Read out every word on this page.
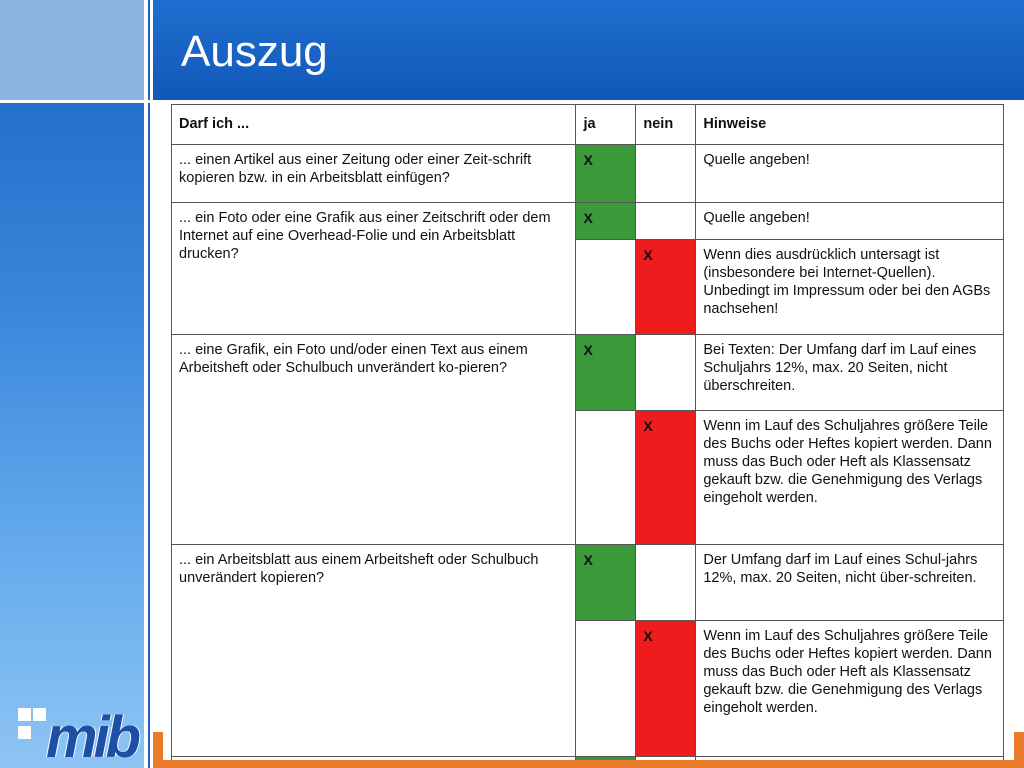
Auszug
Darf ich ...	ja	nein	Hinweise
... einen Artikel aus einer Zeitung oder einer Zeit-schrift kopieren bzw. in ein Arbeitsblatt einfügen?	X		Quelle angeben!
... ein Foto oder eine Grafik aus einer Zeitschrift oder dem Internet auf eine Overhead-Folie und ein Arbeitsblatt drucken?	X		Quelle angeben!
		X	Wenn dies ausdrücklich untersagt ist (insbesondere bei Internet-Quellen). Unbedingt im Impressum oder bei den AGBs nachsehen!
... eine Grafik, ein Foto und/oder einen Text aus einem Arbeitsheft oder Schulbuch unverändert ko-pieren?	X		Bei Texten: Der Umfang darf im Lauf eines Schuljahrs 12%, max. 20 Seiten, nicht überschreiten.
		X	Wenn im Lauf des Schuljahres größere Teile des Buchs oder Heftes kopiert werden. Dann muss das Buch oder Heft als Klassensatz gekauft bzw. die Genehmigung des Verlags eingeholt werden.
... ein Arbeitsblatt aus einem Arbeitsheft oder Schulbuch unverändert kopieren?	X		Der Umfang darf im Lauf eines Schul-jahrs 12%, max. 20 Seiten, nicht über-schreiten.
		X	Wenn im Lauf des Schuljahres größere Teile des Buchs oder Heftes kopiert werden. Dann muss das Buch oder Heft als Klassensatz gekauft bzw. die Genehmigung des Verlags eingeholt werden.

mib
